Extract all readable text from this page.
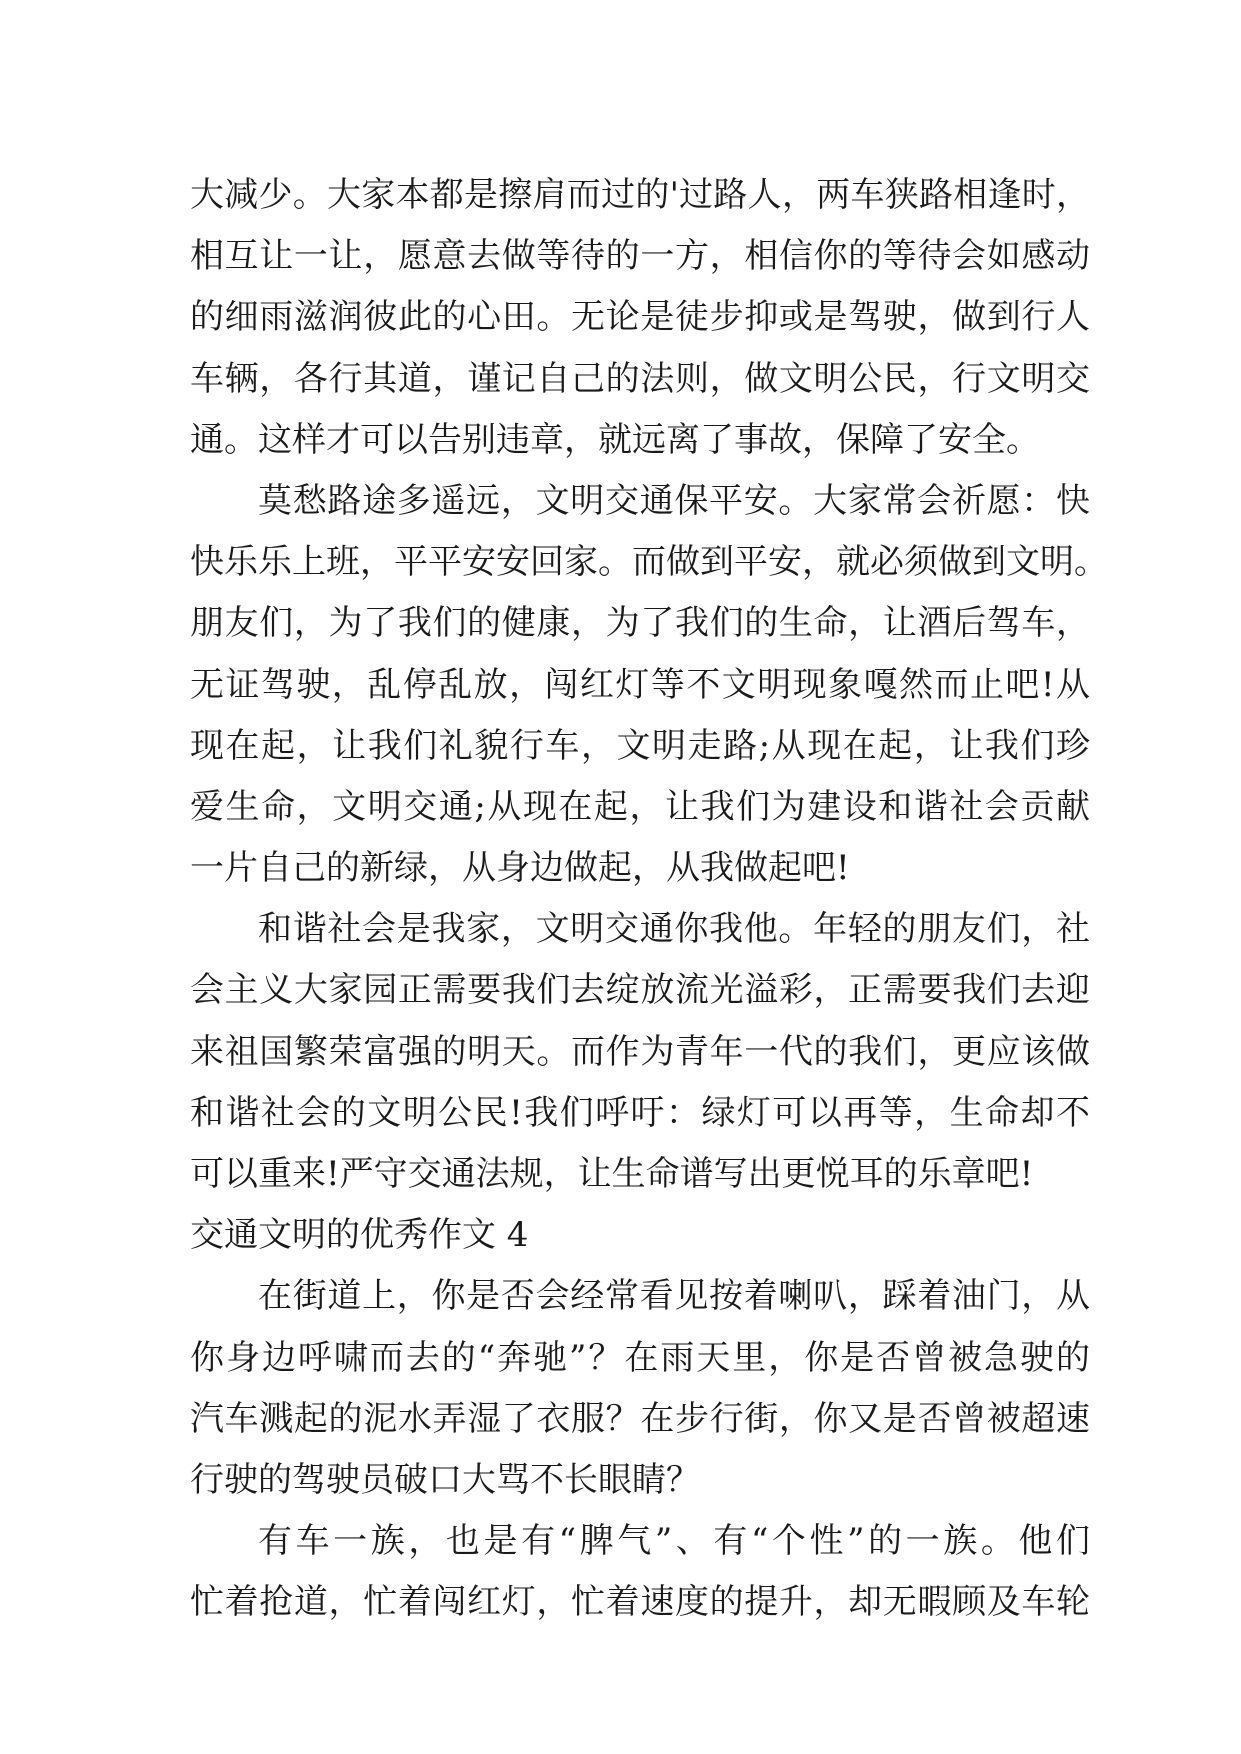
大减少。大家本都是擦肩而过的'过路人，两车狭路相逢时，
相互让一让，愿意去做等待的一方，相信你的等待会如感动
的细雨滋润彼此的心田。无论是徒步抑或是驾驶，做到行人
车辆，各行其道，谨记自己的法则，做文明公民，行文明交
通。这样才可以告别违章，就远离了事故，保障了安全。
莫愁路途多遥远，文明交通保平安。大家常会祈愿：快
快乐乐上班，平平安安回家。而做到平安，就必须做到文明。
朋友们，为了我们的健康，为了我们的生命，让酒后驾车，
无证驾驶，乱停乱放，闯红灯等不文明现象嘎然而止吧!从
现在起，让我们礼貌行车，文明走路;从现在起，让我们珍
爱生命，文明交通;从现在起，让我们为建设和谐社会贡献
一片自己的新绿，从身边做起，从我做起吧!
和谐社会是我家，文明交通你我他。年轻的朋友们，社
会主义大家园正需要我们去绽放流光溢彩，正需要我们去迎
来祖国繁荣富强的明天。而作为青年一代的我们，更应该做
和谐社会的文明公民!我们呼吁：绿灯可以再等，生命却不
可以重来!严守交通法规，让生命谱写出更悦耳的乐章吧!
交通文明的优秀作文 4
在街道上，你是否会经常看见按着喇叭，踩着油门，从
你身边呼啸而去的“奔驰”？在雨天里，你是否曾被急驶的
汽车溅起的泥水弄湿了衣服？在步行街，你又是否曾被超速
行驶的驾驶员破口大骂不长眼睛？
有车一族，也是有“脾气”、有“个性”的一族。他们
忙着抢道，忙着闯红灯，忙着速度的提升，却无暇顾及车轮
